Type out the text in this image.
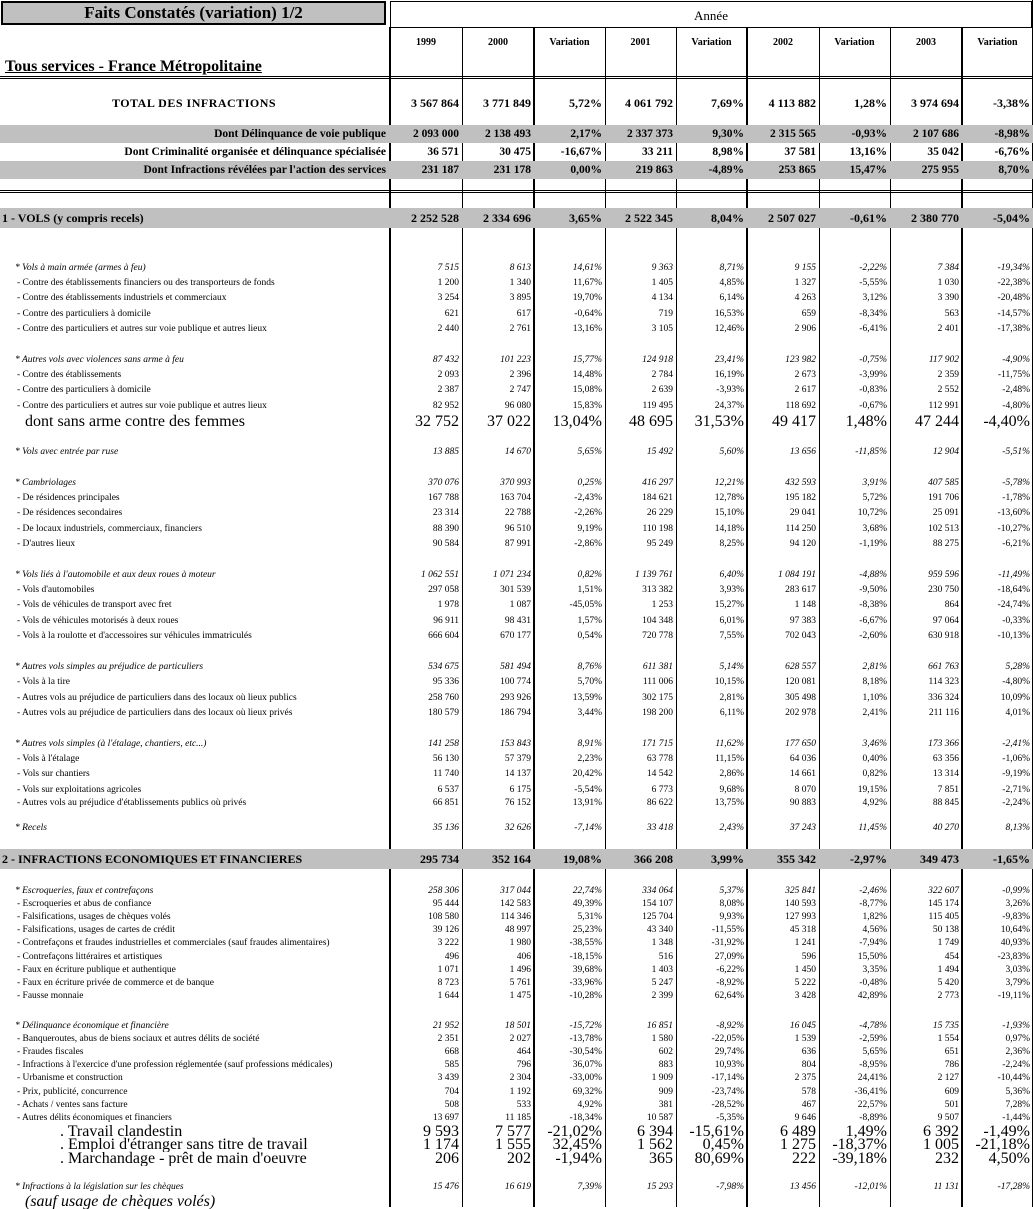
Faits Constatés (variation) 1/2	Année
Tous services - France Métropolitaine
1999	2000	Variation	2001	Variation	2002	Variation	2003	Variation
TOTAL DES INFRACTIONS	3 567 864	3 771 849	5,72%	4 061 792	7,69%	4 113 882	1,28%	3 974 694	-3,38%
Dont Délinquance de voie publique	2 093 000	2 138 493	2,17%	2 337 373	9,30%	2 315 565	-0,93%	2 107 686	-8,98%
Dont Criminalité organisée et délinquance spécialisée	36 571	30 475	-16,67%	33 211	8,98%	37 581	13,16%	35 042	-6,76%
Dont Infractions révélées par l'action des services	231 187	231 178	0,00%	219 863	-4,89%	253 865	15,47%	275 955	8,70%
1 - VOLS (y compris recels)	2 252 528	2 334 696	3,65%	2 522 345	8,04%	2 507 027	-0,61%	2 380 770	-5,04%
* Vols à main armée (armes à feu)	7 515	8 613	14,61%	9 363	8,71%	9 155	-2,22%	7 384	-19,34%
- Contre des établissements financiers ou des transporteurs de fonds	1 200	1 340	11,67%	1 405	4,85%	1 327	-5,55%	1 030	-22,38%
- Contre des établissements industriels et commerciaux	3 254	3 895	19,70%	4 134	6,14%	4 263	3,12%	3 390	-20,48%
- Contre des particuliers à domicile	621	617	-0,64%	719	16,53%	659	-8,34%	563	-14,57%
- Contre des particuliers et autres sur voie publique et autres lieux	2 440	2 761	13,16%	3 105	12,46%	2 906	-6,41%	2 401	-17,38%
* Autres vols avec violences sans arme à feu	87 432	101 223	15,77%	124 918	23,41%	123 982	-0,75%	117 902	-4,90%
- Contre des établissements	2 093	2 396	14,48%	2 784	16,19%	2 673	-3,99%	2 359	-11,75%
- Contre des particuliers à domicile	2 387	2 747	15,08%	2 639	-3,93%	2 617	-0,83%	2 552	-2,48%
- Contre des particuliers et autres sur voie publique et autres lieux	82 952	96 080	15,83%	119 495	24,37%	118 692	-0,67%	112 991	-4,80%
dont sans arme contre des femmes	32 752	37 022	13,04%	48 695	31,53%	49 417	1,48%	47 244	-4,40%
* Vols avec entrée par ruse	13 885	14 670	5,65%	15 492	5,60%	13 656	-11,85%	12 904	-5,51%
* Cambriolages	370 076	370 993	0,25%	416 297	12,21%	432 593	3,91%	407 585	-5,78%
- De résidences principales	167 788	163 704	-2,43%	184 621	12,78%	195 182	5,72%	191 706	-1,78%
- De résidences secondaires	23 314	22 788	-2,26%	26 229	15,10%	29 041	10,72%	25 091	-13,60%
- De locaux industriels, commerciaux, financiers	88 390	96 510	9,19%	110 198	14,18%	114 250	3,68%	102 513	-10,27%
- D'autres lieux	90 584	87 991	-2,86%	95 249	8,25%	94 120	-1,19%	88 275	-6,21%
* Vols liés à l'automobile et aux deux roues à moteur	1 062 551	1 071 234	0,82%	1 139 761	6,40%	1 084 191	-4,88%	959 596	-11,49%
- Vols d'automobiles	297 058	301 539	1,51%	313 382	3,93%	283 617	-9,50%	230 750	-18,64%
- Vols de véhicules de transport avec fret	1 978	1 087	-45,05%	1 253	15,27%	1 148	-8,38%	864	-24,74%
- Vols de véhicules motorisés à deux roues	96 911	98 431	1,57%	104 348	6,01%	97 383	-6,67%	97 064	-0,33%
- Vols à la roulotte et d'accessoires sur véhicules immatriculés	666 604	670 177	0,54%	720 778	7,55%	702 043	-2,60%	630 918	-10,13%
* Autres vols simples au préjudice de particuliers	534 675	581 494	8,76%	611 381	5,14%	628 557	2,81%	661 763	5,28%
- Vols à la tire	95 336	100 774	5,70%	111 006	10,15%	120 081	8,18%	114 323	-4,80%
- Autres vols au préjudice de particuliers dans des locaux où lieux publics	258 760	293 926	13,59%	302 175	2,81%	305 498	1,10%	336 324	10,09%
- Autres vols au préjudice de particuliers dans des locaux où lieux privés	180 579	186 794	3,44%	198 200	6,11%	202 978	2,41%	211 116	4,01%
* Autres vols simples (à l'étalage, chantiers, etc...)	141 258	153 843	8,91%	171 715	11,62%	177 650	3,46%	173 366	-2,41%
- Vols à l'étalage	56 130	57 379	2,23%	63 778	11,15%	64 036	0,40%	63 356	-1,06%
- Vols sur chantiers	11 740	14 137	20,42%	14 542	2,86%	14 661	0,82%	13 314	-9,19%
- Vols sur exploitations agricoles	6 537	6 175	-5,54%	6 773	9,68%	8 070	19,15%	7 851	-2,71%
- Autres vols au préjudice d'établissements publics où privés	66 851	76 152	13,91%	86 622	13,75%	90 883	4,92%	88 845	-2,24%
* Recels	35 136	32 626	-7,14%	33 418	2,43%	37 243	11,45%	40 270	8,13%
2 - INFRACTIONS ECONOMIQUES ET FINANCIERES	295 734	352 164	19,08%	366 208	3,99%	355 342	-2,97%	349 473	-1,65%
* Escroqueries, faux et contrefaçons	258 306	317 044	22,74%	334 064	5,37%	325 841	-2,46%	322 607	-0,99%
- Escroqueries et abus de confiance	95 444	142 583	49,39%	154 107	8,08%	140 593	-8,77%	145 174	3,26%
- Falsifications, usages de chèques volés	108 580	114 346	5,31%	125 704	9,93%	127 993	1,82%	115 405	-9,83%
- Falsifications, usages de cartes de crédit	39 126	48 997	25,23%	43 340	-11,55%	45 318	4,56%	50 138	10,64%
- Contrefaçons et fraudes industrielles et commerciales (sauf fraudes alimentaires)	3 222	1 980	-38,55%	1 348	-31,92%	1 241	-7,94%	1 749	40,93%
- Contrefaçons littéraires et artistiques	496	406	-18,15%	516	27,09%	596	15,50%	454	-23,83%
- Faux en écriture publique et authentique	1 071	1 496	39,68%	1 403	-6,22%	1 450	3,35%	1 494	3,03%
- Faux en écriture privée de commerce et de banque	8 723	5 761	-33,96%	5 247	-8,92%	5 222	-0,48%	5 420	3,79%
- Fausse monnaie	1 644	1 475	-10,28%	2 399	62,64%	3 428	42,89%	2 773	-19,11%
* Délinquance économique et financière	21 952	18 501	-15,72%	16 851	-8,92%	16 045	-4,78%	15 735	-1,93%
- Banqueroutes, abus de biens sociaux et autres délits de société	2 351	2 027	-13,78%	1 580	-22,05%	1 539	-2,59%	1 554	0,97%
- Fraudes fiscales	668	464	-30,54%	602	29,74%	636	5,65%	651	2,36%
- Infractions à l'exercice d'une profession réglementée (sauf professions médicales)	585	796	36,07%	883	10,93%	804	-8,95%	786	-2,24%
- Urbanisme et construction	3 439	2 304	-33,00%	1 909	-17,14%	2 375	24,41%	2 127	-10,44%
- Prix, publicité, concurrence	704	1 192	69,32%	909	-23,74%	578	-36,41%	609	5,36%
- Achats / ventes sans facture	508	533	4,92%	381	-28,52%	467	22,57%	501	7,28%
- Autres délits économiques et financiers	13 697	11 185	-18,34%	10 587	-5,35%	9 646	-8,89%	9 507	-1,44%
. Travail clandestin	9 593	7 577	-21,02%	6 394	-15,61%	6 489	1,49%	6 392	-1,49%
. Emploi d'étranger sans titre de travail	1 174	1 555	32,45%	1 562	0,45%	1 275	-18,37%	1 005	-21,18%
. Marchandage - prêt de main d'oeuvre	206	202	-1,94%	365	80,69%	222	-39,18%	232	4,50%
* Infractions à la législation sur les chèques	15 476	16 619	7,39%	15 293	-7,98%	13 456	-12,01%	11 131	-17,28%
(sauf usage de chèques volés)
